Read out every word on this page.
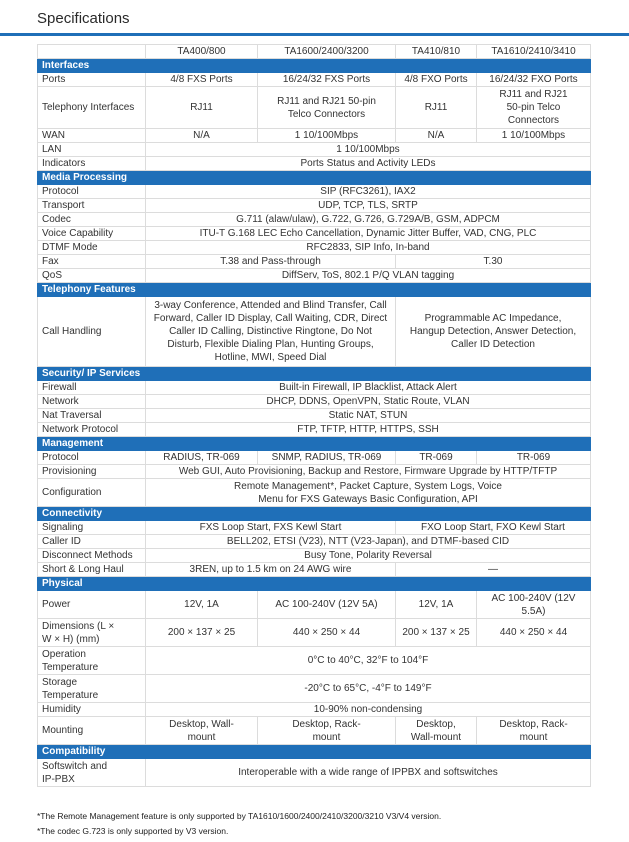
Specifications
	TA400/800	TA1600/2400/3200	TA410/810	TA1610/2410/3410
Interfaces				
Ports	4/8 FXS Ports	16/24/32 FXS Ports	4/8 FXO Ports	16/24/32 FXO Ports
Telephony Interfaces	RJ11	RJ11 and RJ21 50-pin Telco Connectors	RJ11	RJ11 and RJ21 50-pin Telco Connectors
WAN	N/A	1 10/100Mbps	N/A	1 10/100Mbps
LAN	1 10/100Mbps			
Indicators	Ports Status and Activity LEDs			
Media Processing				
Protocol	SIP (RFC3261), IAX2			
Transport	UDP, TCP, TLS, SRTP			
Codec	G.711 (alaw/ulaw), G.722, G.726, G.729A/B, GSM, ADPCM			
Voice Capability	ITU-T G.168 LEC Echo Cancellation, Dynamic Jitter Buffer, VAD, CNG, PLC			
DTMF Mode	RFC2833, SIP Info, In-band			
Fax	T.38 and Pass-through		T.30	
QoS	DiffServ, ToS, 802.1 P/Q VLAN tagging			
Telephony Features				
Call Handling	3-way Conference, Attended and Blind Transfer, Call Forward, Caller ID Display, Call Waiting, CDR, Direct Caller ID Calling, Distinctive Ringtone, Do Not Disturb, Flexible Dialing Plan, Hunting Groups, Hotline, MWI, Speed Dial		Programmable AC Impedance, Hangup Detection, Answer Detection, Caller ID Detection	
Security/ IP Services				
Firewall	Built-in Firewall, IP Blacklist, Attack Alert			
Network	DHCP, DDNS, OpenVPN, Static Route, VLAN			
Nat Traversal	Static NAT, STUN			
Network Protocol	FTP, TFTP, HTTP, HTTPS, SSH			
Management				
Protocol	RADIUS, TR-069	SNMP, RADIUS, TR-069	TR-069	TR-069
Provisioning	Web GUI, Auto Provisioning, Backup and Restore, Firmware Upgrade by HTTP/TFTP			
Configuration	Remote Management*, Packet Capture, System Logs, Voice Menu for FXS Gateways Basic Configuration, API			
Connectivity				
Signaling	FXS Loop Start, FXS Kewl Start		FXO Loop Start, FXO Kewl Start	
Caller ID	BELL202, ETSI (V23), NTT (V23-Japan), and DTMF-based CID			
Disconnect Methods	Busy Tone, Polarity Reversal			
Short & Long Haul	3REN, up to 1.5 km on 24 AWG wire		—	
Physical				
Power	12V, 1A	AC 100-240V (12V 5A)	12V, 1A	AC 100-240V (12V 5.5A)
Dimensions (L × W × H) (mm)	200 × 137 × 25	440 × 250 × 44	200 × 137 × 25	440 × 250 × 44
Operation Temperature	0°C to 40°C, 32°F to 104°F			
Storage Temperature	-20°C to 65°C, -4°F to 149°F			
Humidity	10-90% non-condensing			
Mounting	Desktop, Wall-mount	Desktop, Rack-mount	Desktop, Wall-mount	Desktop, Rack-mount
Compatibility				
Softswitch and IP-PBX	Interoperable with a wide range of IPPBX and softswitches			
*The Remote Management feature is only supported by TA1610/1600/2400/2410/3200/3210 V3/V4 version.
*The codec G.723 is only supported by V3 version.
